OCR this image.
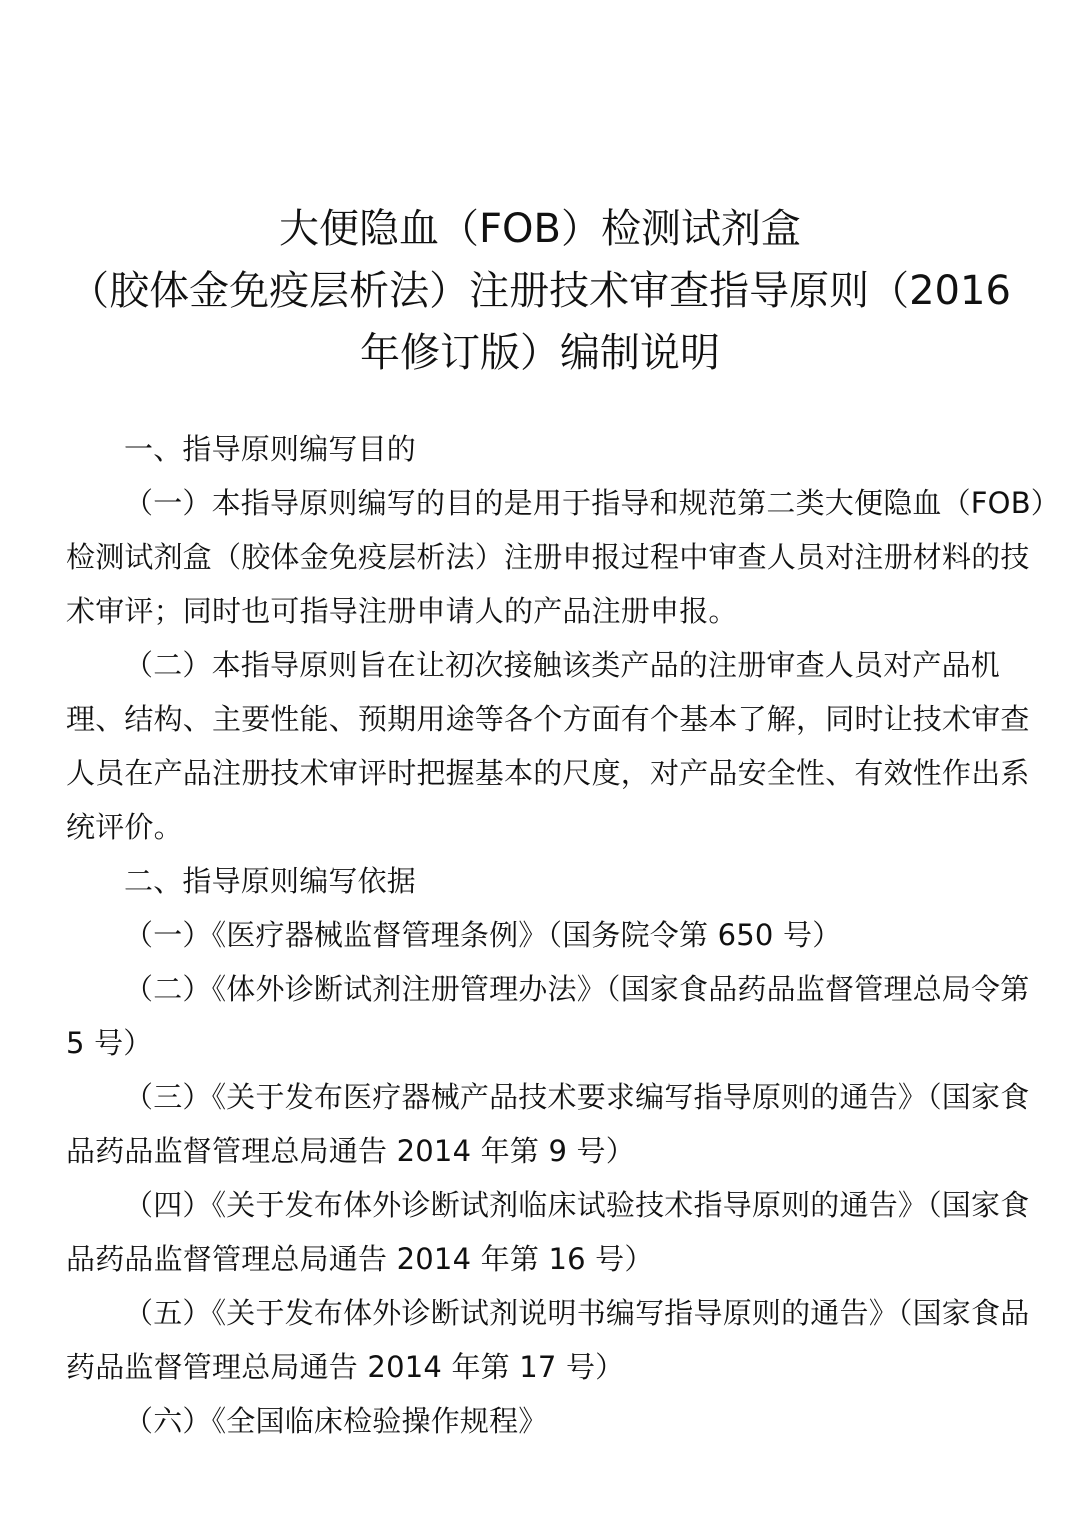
大便隐血（FOB）检测试剂盒
（胶体金免疫层析法）注册技术审查指导原则（2016
年修订版）编制说明
一、指导原则编写目的
（一）本指导原则编写的目的是用于指导和规范第二类大便隐血（FOB）
检测试剂盒（胶体金免疫层析法）注册申报过程中审查人员对注册材料的技
术审评；同时也可指导注册申请人的产品注册申报。
（二）本指导原则旨在让初次接触该类产品的注册审查人员对产品机
理、结构、主要性能、预期用途等各个方面有个基本了解，同时让技术审查
人员在产品注册技术审评时把握基本的尺度，对产品安全性、有效性作出系
统评价。
二、指导原则编写依据
（一）《医疗器械监督管理条例》（国务院令第 650 号）
（二）《体外诊断试剂注册管理办法》（国家食品药品监督管理总局令第
5 号）
（三）《关于发布医疗器械产品技术要求编写指导原则的通告》（国家食
品药品监督管理总局通告 2014 年第 9 号）
（四）《关于发布体外诊断试剂临床试验技术指导原则的通告》（国家食
品药品监督管理总局通告 2014 年第 16 号）
（五）《关于发布体外诊断试剂说明书编写指导原则的通告》（国家食品
药品监督管理总局通告 2014 年第 17 号）
（六）《全国临床检验操作规程》
